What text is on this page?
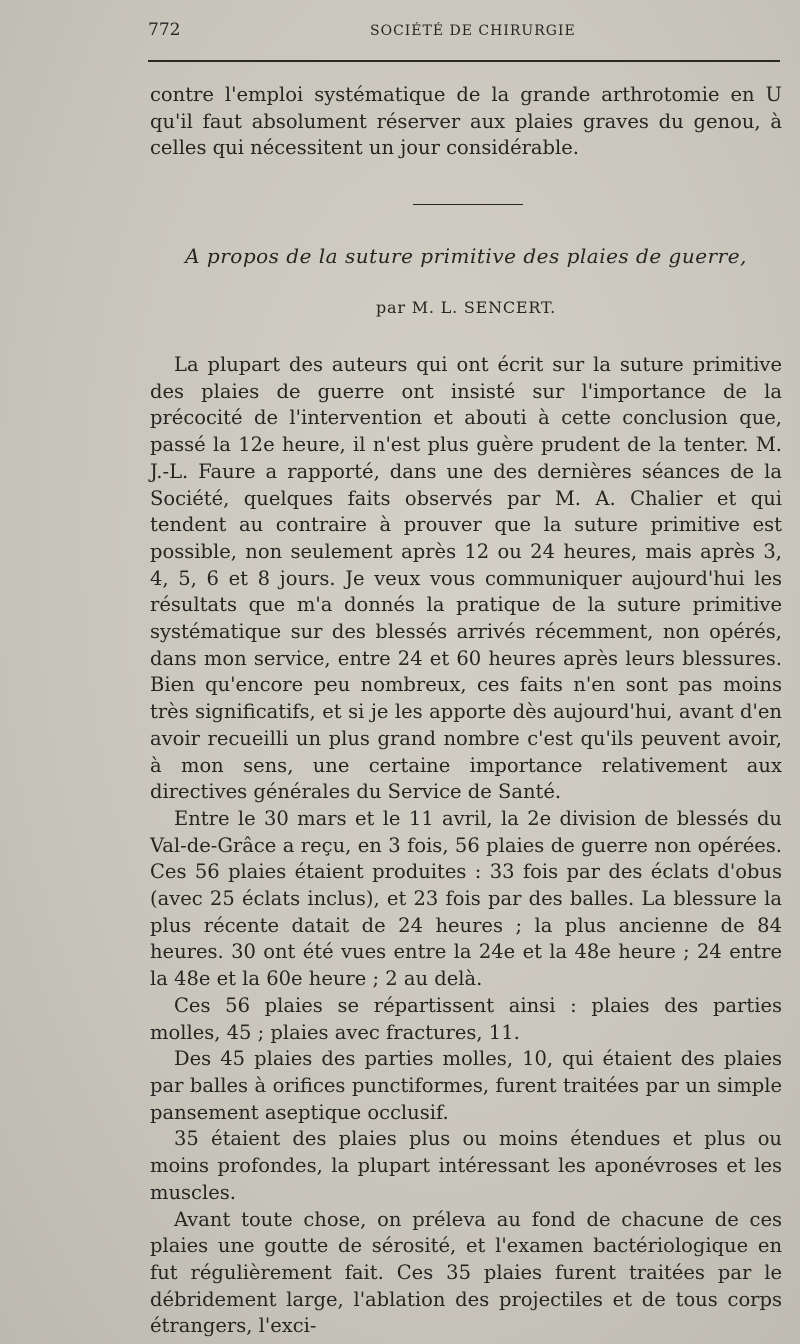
772	SOCIÉTÉ DE CHIRURGIE

contre l'emploi systématique de la grande arthrotomie en U qu'il faut absolument réserver aux plaies graves du genou, à celles qui nécessitent un jour considérable.

A propos de la suture primitive des plaies de guerre,
par M. L. SENCERT.

La plupart des auteurs qui ont écrit sur la suture primitive des plaies de guerre ont insisté sur l'importance de la précocité de l'intervention et abouti à cette conclusion que, passé la 12e heure, il n'est plus guère prudent de la tenter. M. J.-L. Faure a rapporté, dans une des dernières séances de la Société, quelques faits observés par M. A. Chalier et qui tendent au contraire à prouver que la suture primitive est possible, non seulement après 12 ou 24 heures, mais après 3, 4, 5, 6 et 8 jours. Je veux vous communiquer aujourd'hui les résultats que m'a donnés la pratique de la suture primitive systématique sur des blessés arrivés récemment, non opérés, dans mon service, entre 24 et 60 heures après leurs blessures. Bien qu'encore peu nombreux, ces faits n'en sont pas moins très significatifs, et si je les apporte dès aujourd'hui, avant d'en avoir recueilli un plus grand nombre c'est qu'ils peuvent avoir, à mon sens, une certaine importance relativement aux directives générales du Service de Santé.

Entre le 30 mars et le 11 avril, la 2e division de blessés du Val-de-Grâce a reçu, en 3 fois, 56 plaies de guerre non opérées. Ces 56 plaies étaient produites : 33 fois par des éclats d'obus (avec 25 éclats inclus), et 23 fois par des balles. La blessure la plus récente datait de 24 heures ; la plus ancienne de 84 heures. 30 ont été vues entre la 24e et la 48e heure ; 24 entre la 48e et la 60e heure ; 2 au delà.

Ces 56 plaies se répartissent ainsi : plaies des parties molles, 45 ; plaies avec fractures, 11.

Des 45 plaies des parties molles, 10, qui étaient des plaies par balles à orifices punctiformes, furent traitées par un simple pansement aseptique occlusif.

35 étaient des plaies plus ou moins étendues et plus ou moins profondes, la plupart intéressant les aponévroses et les muscles.

Avant toute chose, on préleva au fond de chacune de ces plaies une goutte de sérosité, et l'examen bactériologique en fut régulièrement fait. Ces 35 plaies furent traitées par le débridement large, l'ablation des projectiles et de tous corps étrangers, l'exci-
